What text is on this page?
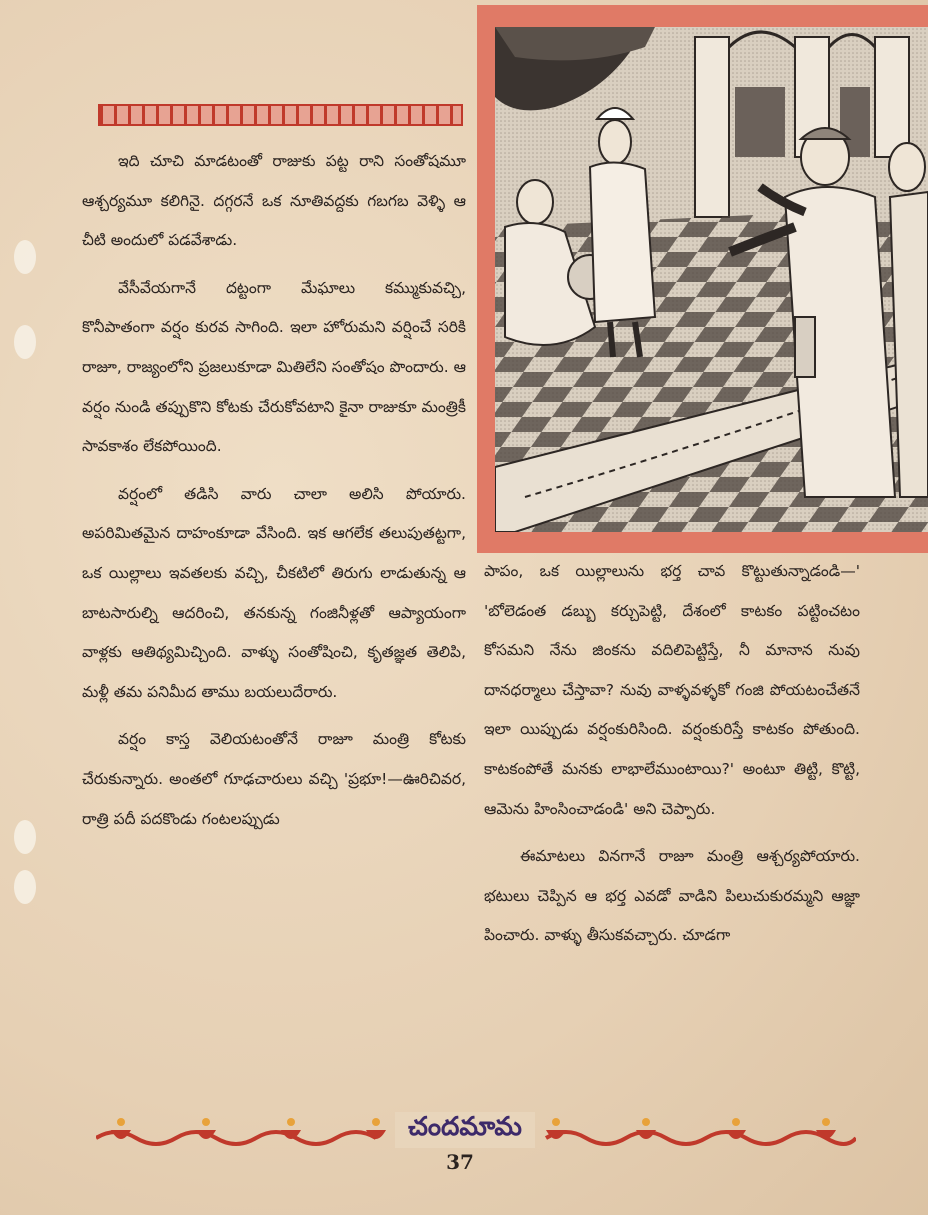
ఇది చూచి మాడటంతో రాజుకు పట్ట రాని సంతోషమూ ఆశ్చర్యమూ కలిగినై. దగ్గరనే ఒక నూతివద్దకు గబగబ వెళ్ళి ఆ చీటి అందులో పడవేశాడు.

వేసీవేయగానే దట్టంగా మేఘాలు కమ్ముకువచ్చి, కొనీపాతంగా వర్షం కురవ సాగింది. ఇలా హోరుమని వర్షించే సరికి రాజూ, రాజ్యంలోని ప్రజలుకూడా మితిలేని సంతోషం పొందారు. ఆ వర్షం నుండి తప్పుకొని కోటకు చేరుకోవటాని కైనా రాజుకూ మంత్రికీ సావకాశం లేకపోయింది.

వర్షంలో తడిసి వారు చాలా అలిసి పోయారు. అపరిమితమైన దాహంకూడా వేసింది. ఇక ఆగలేక తలుపుతట్టగా, ఒక యిల్లాలు ఇవతలకు వచ్చి, చీకటిలో తిరుగు లాడుతున్న ఆ బాటసారుల్ని ఆదరించి, తనకున్న గంజినీళ్లతో ఆప్యాయంగా వాళ్లకు ఆతిథ్యమిచ్చింది. వాళ్ళు సంతోషించి, కృతజ్ఞత తెలిపి, మళ్లీ తమ పనిమీద తాము బయలుదేరారు.

వర్షం కాస్త వెలియటంతోనే రాజూ మంత్రి కోటకు చేరుకున్నారు. అంతలో గూఢచారులు వచ్చి 'ప్రభూ!—ఊరిచివర, రాత్రి పదీ పదకొండు గంటలప్పుడు

పాపం, ఒక యిల్లాలును భర్త చావ కొట్టుతున్నాడండి—' 'బోలెడంత డబ్బు కర్చుపెట్టి, దేశంలో కాటకం పట్టించటం కోసమని నేను జింకను వదిలిపెట్టిస్తే, నీ మానాన నువు దానధర్మాలు చేస్తావా? నువు వాళ్ళవళ్ళకో గంజి పోయటంచేతనే ఇలా యిప్పుడు వర్షంకురిసింది. వర్షంకురిస్తే కాటకం పోతుంది. కాటకంపోతే మనకు లాభాలేముంటాయి?' అంటూ తిట్టి, కొట్టి, ఆమెను హింసించాడండి' అని చెప్పారు.

ఈమాటలు వినగానే రాజూ మంత్రి ఆశ్చర్యపోయారు. భటులు చెప్పిన ఆ భర్త ఎవడో వాడిని పిలుచుకురమ్మని ఆజ్ఞా పించారు. వాళ్ళు తీసుకవచ్చారు. చూడగా

చందమామ
37
